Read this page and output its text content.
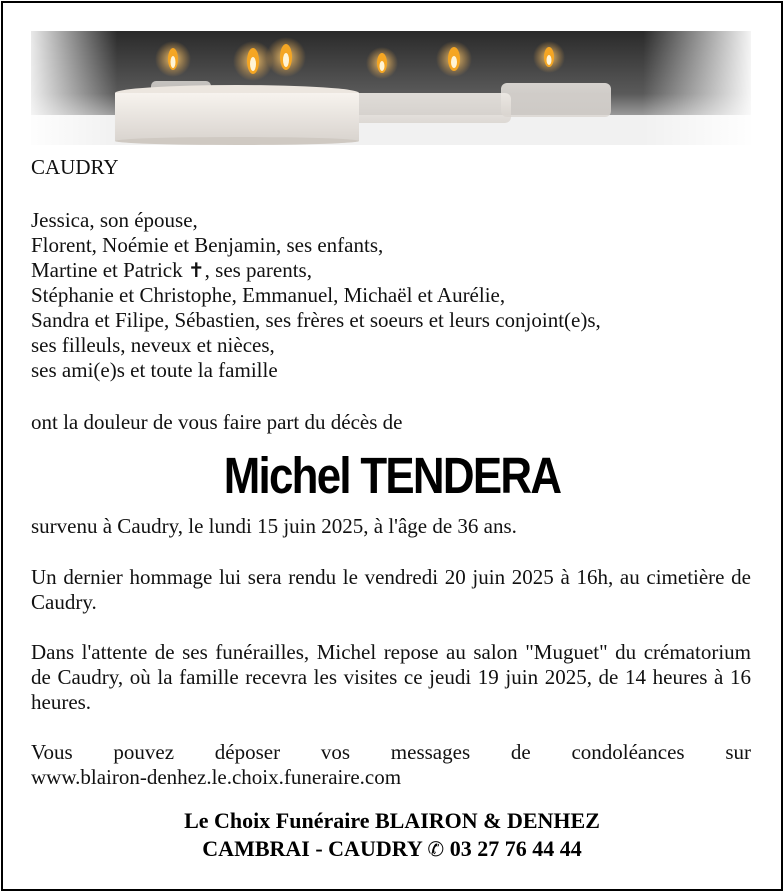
CAUDRY
Jessica, son épouse,
Florent, Noémie et Benjamin, ses enfants,
Martine et Patrick ✝, ses parents,
Stéphanie et Christophe, Emmanuel, Michaël et Aurélie,
Sandra et Filipe, Sébastien, ses frères et soeurs et leurs conjoint(e)s,
ses filleuls, neveux et nièces,
ses ami(e)s et toute la famille
ont la douleur de vous faire part du décès de
Michel TENDERA
survenu à Caudry, le lundi 15 juin 2025, à l'âge de 36 ans.
Un dernier hommage lui sera rendu le vendredi 20 juin 2025 à 16h, au cimetière de Caudry.
Dans l'attente de ses funérailles, Michel repose au salon "Muguet" du crématorium de Caudry, où la famille recevra les visites ce jeudi 19 juin 2025, de 14 heures à 16 heures.
Vous pouvez déposer vos messages de condoléances sur
www.blairon-denhez.le.choix.funeraire.com
Le Choix Funéraire BLAIRON & DENHEZ
CAMBRAI - CAUDRY ✆ 03 27 76 44 44
